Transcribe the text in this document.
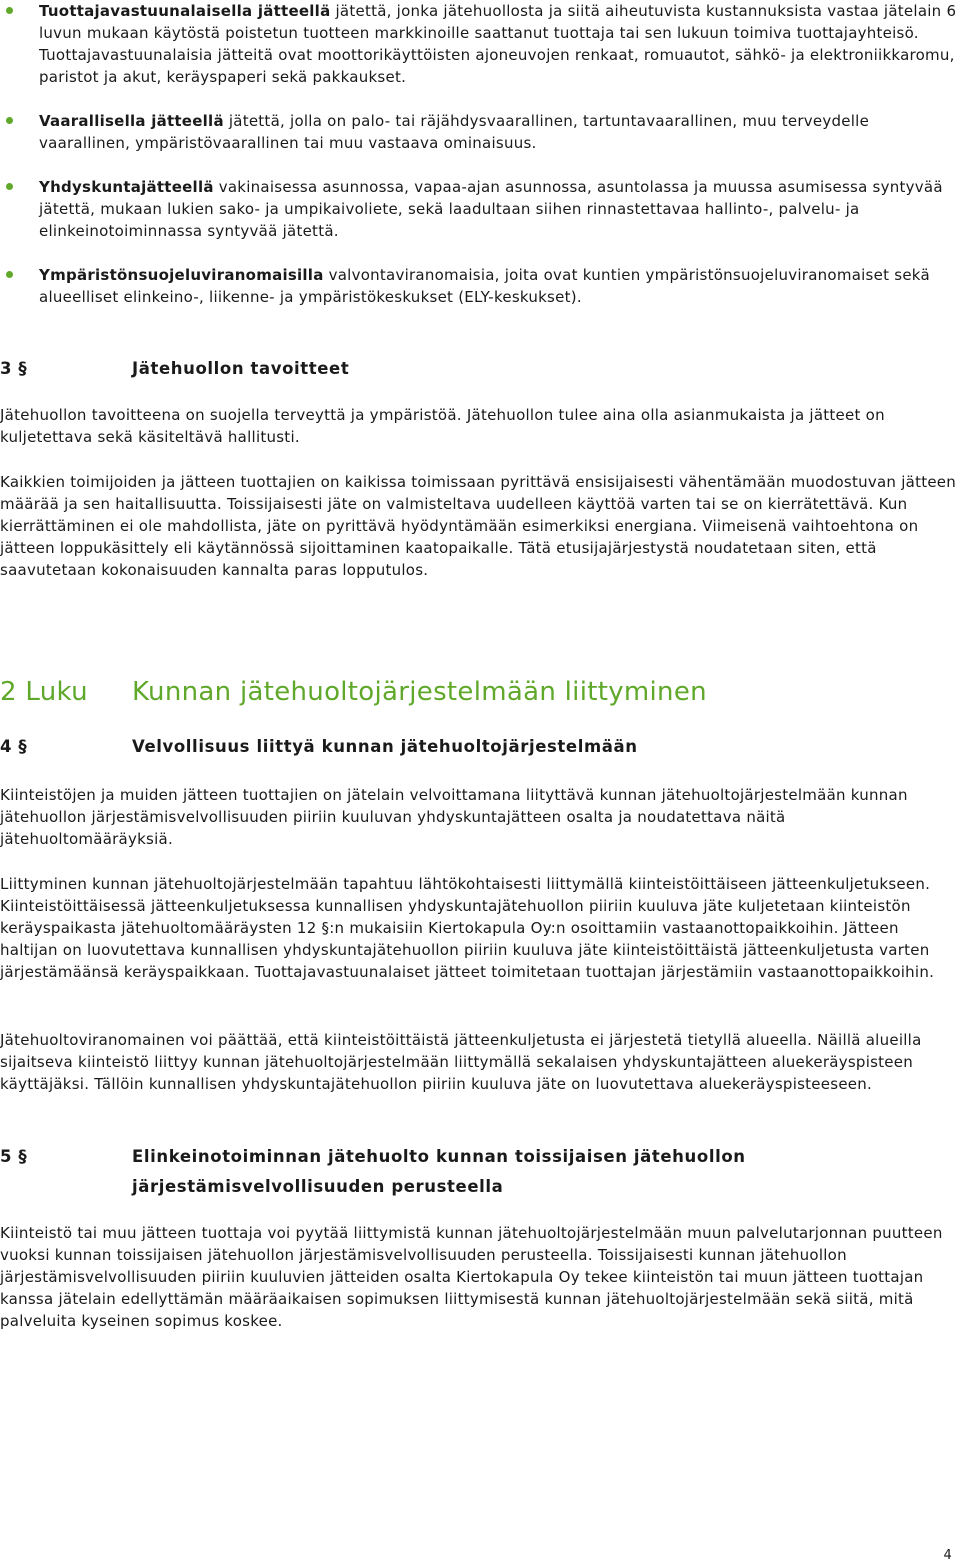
Tuottajavastuunalaisella jätteellä jätettä, jonka jätehuollosta ja siitä aiheutuvista kustannuksista vastaa jätelain 6 luvun mukaan käytöstä poistetun tuotteen markkinoille saattanut tuottaja tai sen lukuun toimiva tuottajayhteisö. Tuottajavastuunalaisia jätteitä ovat moottorikäyttöisten ajoneuvojen renkaat, romuautot, sähkö- ja elektroniikkaromu, paristot ja akut, keräyspaperi sekä pakkaukset.

Vaarallisella jätteellä jätettä, jolla on palo- tai räjähdysvaarallinen, tartuntavaarallinen, muu terveydelle vaarallinen, ympäristövaarallinen tai muu vastaava ominaisuus.

Yhdyskuntajätteellä vakinaisessa asunnossa, vapaa-ajan asunnossa, asuntolassa ja muussa asumisessa syntyvää jätettä, mukaan lukien sako- ja umpikaivoliete, sekä laadultaan siihen rinnastettavaa hallinto-, palvelu- ja elinkeinotoiminnassa syntyvää jätettä.

Ympäristönsuojeluviranomaisilla valvontaviranomaisia, joita ovat kuntien ympäristönsuojeluviranomaiset sekä alueelliset elinkeino-, liikenne- ja ympäristökeskukset (ELY-keskukset).

3 §	Jätehuollon tavoitteet

Jätehuollon tavoitteena on suojella terveyttä ja ympäristöä. Jätehuollon tulee aina olla asianmukaista ja jätteet on kuljetettava sekä käsiteltävä hallitusti.

Kaikkien toimijoiden ja jätteen tuottajien on kaikissa toimissaan pyrittävä ensisijaisesti vähentämään muodostuvan jätteen määrää ja sen haitallisuutta. Toissijaisesti jäte on valmisteltava uudelleen käyttöä varten tai se on kierrätettävä. Kun kierrättäminen ei ole mahdollista, jäte on pyrittävä hyödyntämään esimerkiksi energiana. Viimeisenä vaihtoehtona on jätteen loppukäsittely eli käytännössä sijoittaminen kaatopaikalle. Tätä etusijajärjestystä noudatetaan siten, että saavutetaan kokonaisuuden kannalta paras lopputulos.

2 Luku	Kunnan jätehuoltojärjestelmään liittyminen
4 §	Velvollisuus liittyä kunnan jätehuoltojärjestelmään

Kiinteistöjen ja muiden jätteen tuottajien on jätelain velvoittamana liityttävä kunnan jätehuoltojärjestelmään kunnan jätehuollon järjestämisvelvollisuuden piiriin kuuluvan yhdyskuntajätteen osalta ja noudatettava näitä jätehuoltomääräyksiä.

Liittyminen kunnan jätehuoltojärjestelmään tapahtuu lähtökohtaisesti liittymällä kiinteistöittäiseen jätteenkuljetukseen. Kiinteistöittäisessä jätteenkuljetuksessa kunnallisen yhdyskuntajätehuollon piiriin kuuluva jäte kuljetetaan kiinteistön keräyspaikasta jätehuoltomääräysten 12 §:n mukaisiin Kiertokapula Oy:n osoittamiin vastaanottopaikkoihin. Jätteen haltijan on luovutettava kunnallisen yhdyskuntajätehuollon piiriin kuuluva jäte kiinteistöittäistä jätteenkuljetusta varten järjestämäänsä keräyspaikkaan. Tuottajavastuunalaiset jätteet toimitetaan tuottajan järjestämiin vastaanottopaikkoihin.

Jätehuoltoviranomainen voi päättää, että kiinteistöittäistä jätteenkuljetusta ei järjestetä tietyllä alueella. Näillä alueilla sijaitseva kiinteistö liittyy kunnan jätehuoltojärjestelmään liittymällä sekalaisen yhdyskuntajätteen aluekeräyspisteen käyttäjäksi. Tällöin kunnallisen yhdyskuntajätehuollon piiriin kuuluva jäte on luovutettava aluekeräyspisteeseen.

5 §	Elinkeinotoiminnan jätehuolto kunnan toissijaisen jätehuollon järjestämisvelvollisuuden perusteella

Kiinteistö tai muu jätteen tuottaja voi pyytää liittymistä kunnan jätehuoltojärjestelmään muun palvelutarjonnan puutteen vuoksi kunnan toissijaisen jätehuollon järjestämisvelvollisuuden perusteella. Toissijaisesti kunnan jätehuollon järjestämisvelvollisuuden piiriin kuuluvien jätteiden osalta Kiertokapula Oy tekee kiinteistön tai muun jätteen tuottajan kanssa jätelain edellyttämän määräaikaisen sopimuksen liittymisestä kunnan jätehuoltojärjestelmään sekä siitä, mitä palveluita kyseinen sopimus koskee.

4
